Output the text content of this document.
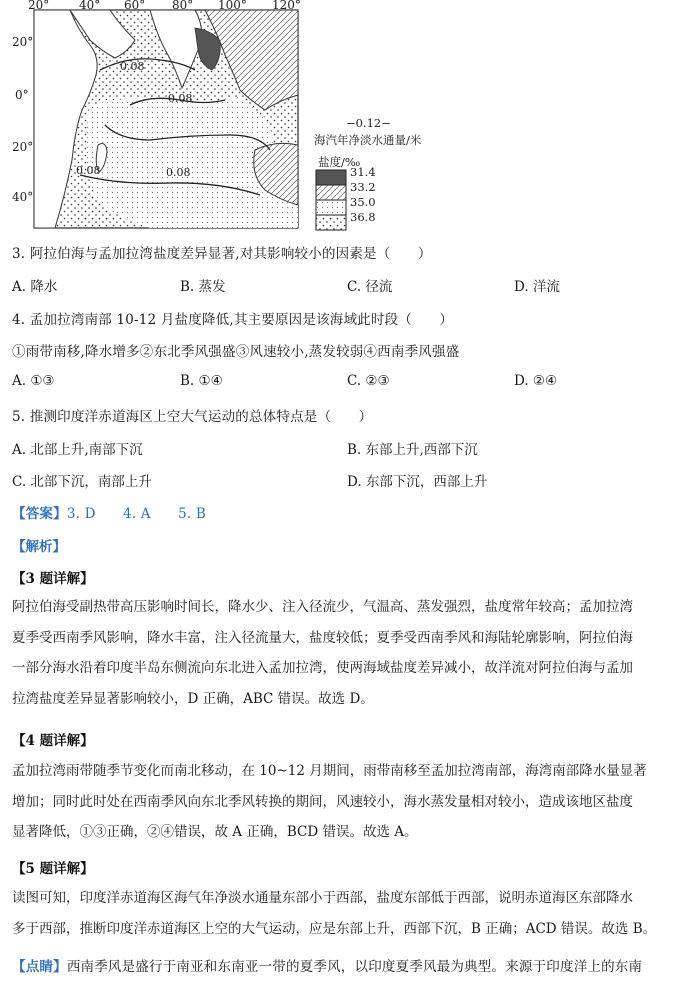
20° 40° 60° 80° 100° 120°
20°
0°
20°
40°
0.08
0.08
0.08	0.08
−0.12−
海汽年净淡水通量/米
盐度/‰
31.4
33.2
35.0
36.8
3. 阿拉伯海与孟加拉湾盐度差异显著,对其影响较小的因素是（　　）
A. 降水	B. 蒸发	C. 径流	D. 洋流
4. 孟加拉湾南部 10-12 月盐度降低,其主要原因是该海域此时段（　　）
①雨带南移,降水增多②东北季风强盛③风速较小,蒸发较弱④西南季风强盛
A. ①③	B. ①④	C. ②③	D. ②④
5. 推测印度洋赤道海区上空大气运动的总体特点是（　　）
A. 北部上升,南部下沉	B. 东部上升,西部下沉
C. 北部下沉，南部上升	D. 东部下沉，西部上升
【答案】3. D　　4. A　　5. B
【解析】
【3 题详解】
阿拉伯海受副热带高压影响时间长，降水少、注入径流少，气温高、蒸发强烈，盐度常年较高；孟加拉湾
夏季受西南季风影响，降水丰富，注入径流量大，盐度较低；夏季受西南季风和海陆轮廓影响，阿拉伯海
一部分海水沿着印度半岛东侧流向东北进入孟加拉湾，使两海域盐度差异减小，故洋流对阿拉伯海与孟加
拉湾盐度差异显著影响较小，D 正确，ABC 错误。故选 D。
【4 题详解】
孟加拉湾雨带随季节变化而南北移动，在 10~12 月期间，雨带南移至孟加拉湾南部，海湾南部降水量显著
增加；同时此时处在西南季风向东北季风转换的期间，风速较小，海水蒸发量相对较小，造成该地区盐度
显著降低，①③正确，②④错误，故 A 正确，BCD 错误。故选 A。
【5 题详解】
读图可知，印度洋赤道海区海气年净淡水通量东部小于西部，盐度东部低于西部，说明赤道海区东部降水
多于西部，推断印度洋赤道海区上空的大气运动，应是东部上升，西部下沉，B 正确；ACD 错误。故选 B。
【点睛】西南季风是盛行于南亚和东南亚一带的夏季风，以印度夏季风最为典型。来源于印度洋上的东南
